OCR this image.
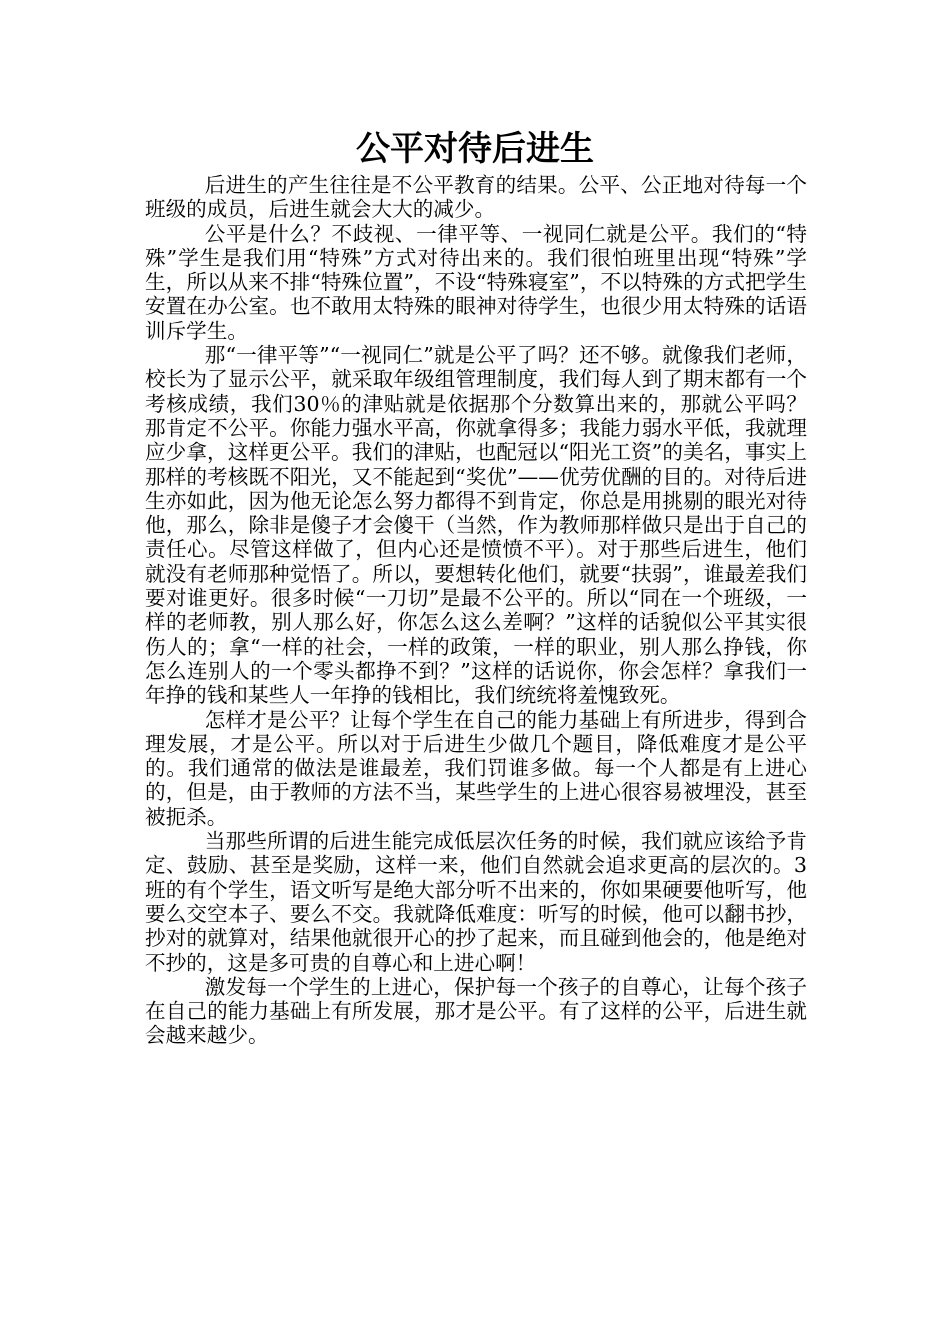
公平对待后进生

后进生的产生往往是不公平教育的结果。公平、公正地对待每一个班级的成员，后进生就会大大的减少。

公平是什么？不歧视、一律平等、一视同仁就是公平。我们的“特殊”学生是我们用“特殊”方式对待出来的。我们很怕班里出现“特殊”学生，所以从来不排“特殊位置”，不设“特殊寝室”，不以特殊的方式把学生安置在办公室。也不敢用太特殊的眼神对待学生，也很少用太特殊的话语训斥学生。

那“一律平等”“一视同仁”就是公平了吗？还不够。就像我们老师，校长为了显示公平，就采取年级组管理制度，我们每人到了期末都有一个考核成绩，我们30％的津贴就是依据那个分数算出来的，那就公平吗？那肯定不公平。你能力强水平高，你就拿得多；我能力弱水平低，我就理应少拿，这样更公平。我们的津贴，也配冠以“阳光工资”的美名，事实上那样的考核既不阳光，又不能起到“奖优”——优劳优酬的目的。对待后进生亦如此，因为他无论怎么努力都得不到肯定，你总是用挑剔的眼光对待他，那么，除非是傻子才会傻干（当然，作为教师那样做只是出于自己的责任心。尽管这样做了，但内心还是愤愤不平）。对于那些后进生，他们就没有老师那种觉悟了。所以，要想转化他们，就要“扶弱”，谁最差我们要对谁更好。很多时候“一刀切”是最不公平的。所以“同在一个班级，一样的老师教，别人那么好，你怎么这么差啊？”这样的话貌似公平其实很伤人的；拿“一样的社会，一样的政策，一样的职业，别人那么挣钱，你怎么连别人的一个零头都挣不到？”这样的话说你，你会怎样？拿我们一年挣的钱和某些人一年挣的钱相比，我们统统将羞愧致死。

怎样才是公平？让每个学生在自己的能力基础上有所进步，得到合理发展，才是公平。所以对于后进生少做几个题目，降低难度才是公平的。我们通常的做法是谁最差，我们罚谁多做。每一个人都是有上进心的，但是，由于教师的方法不当，某些学生的上进心很容易被埋没，甚至被扼杀。

当那些所谓的后进生能完成低层次任务的时候，我们就应该给予肯定、鼓励、甚至是奖励，这样一来，他们自然就会追求更高的层次的。3班的有个学生，语文听写是绝大部分听不出来的，你如果硬要他听写，他要么交空本子、要么不交。我就降低难度：听写的时候，他可以翻书抄，抄对的就算对，结果他就很开心的抄了起来，而且碰到他会的，他是绝对不抄的，这是多可贵的自尊心和上进心啊！

激发每一个学生的上进心，保护每一个孩子的自尊心，让每个孩子在自己的能力基础上有所发展，那才是公平。有了这样的公平，后进生就会越来越少。
